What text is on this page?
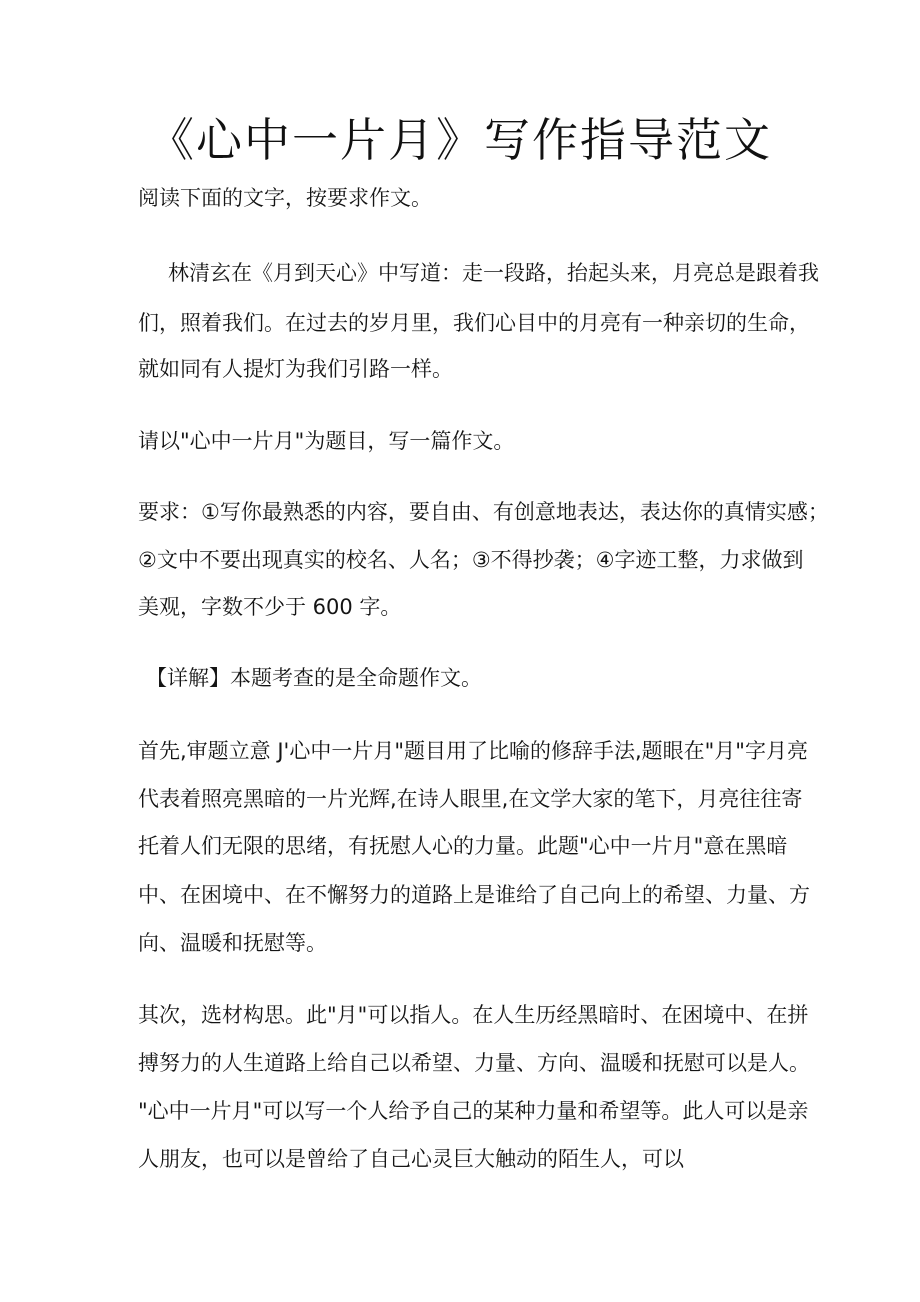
《心中一片月》写作指导范文
阅读下面的文字，按要求作文。
林清玄在《月到天心》中写道：走一段路，抬起头来，月亮总是跟着我
们，照着我们。在过去的岁月里，我们心目中的月亮有一种亲切的生命，
就如同有人提灯为我们引路一样。
请以"心中一片月"为题目，写一篇作文。
要求：①写你最熟悉的内容，要自由、有创意地表达，表达你的真情实感；
②文中不要出现真实的校名、人名；③不得抄袭；④字迹工整，力求做到
美观，字数不少于 600 字。
【详解】本题考查的是全命题作文。
首先,审题立意 J'心中一片月"题目用了比喻的修辞手法,题眼在"月"字月亮
代表着照亮黑暗的一片光辉,在诗人眼里,在文学大家的笔下，月亮往往寄
托着人们无限的思绪，有抚慰人心的力量。此题"心中一片月"意在黑暗
中、在困境中、在不懈努力的道路上是谁给了自己向上的希望、力量、方
向、温暖和抚慰等。
其次，选材构思。此"月"可以指人。在人生历经黑暗时、在困境中、在拼
搏努力的人生道路上给自己以希望、力量、方向、温暖和抚慰可以是人。
"心中一片月"可以写一个人给予自己的某种力量和希望等。此人可以是亲
人朋友，也可以是曾给了自己心灵巨大触动的陌生人，可以
